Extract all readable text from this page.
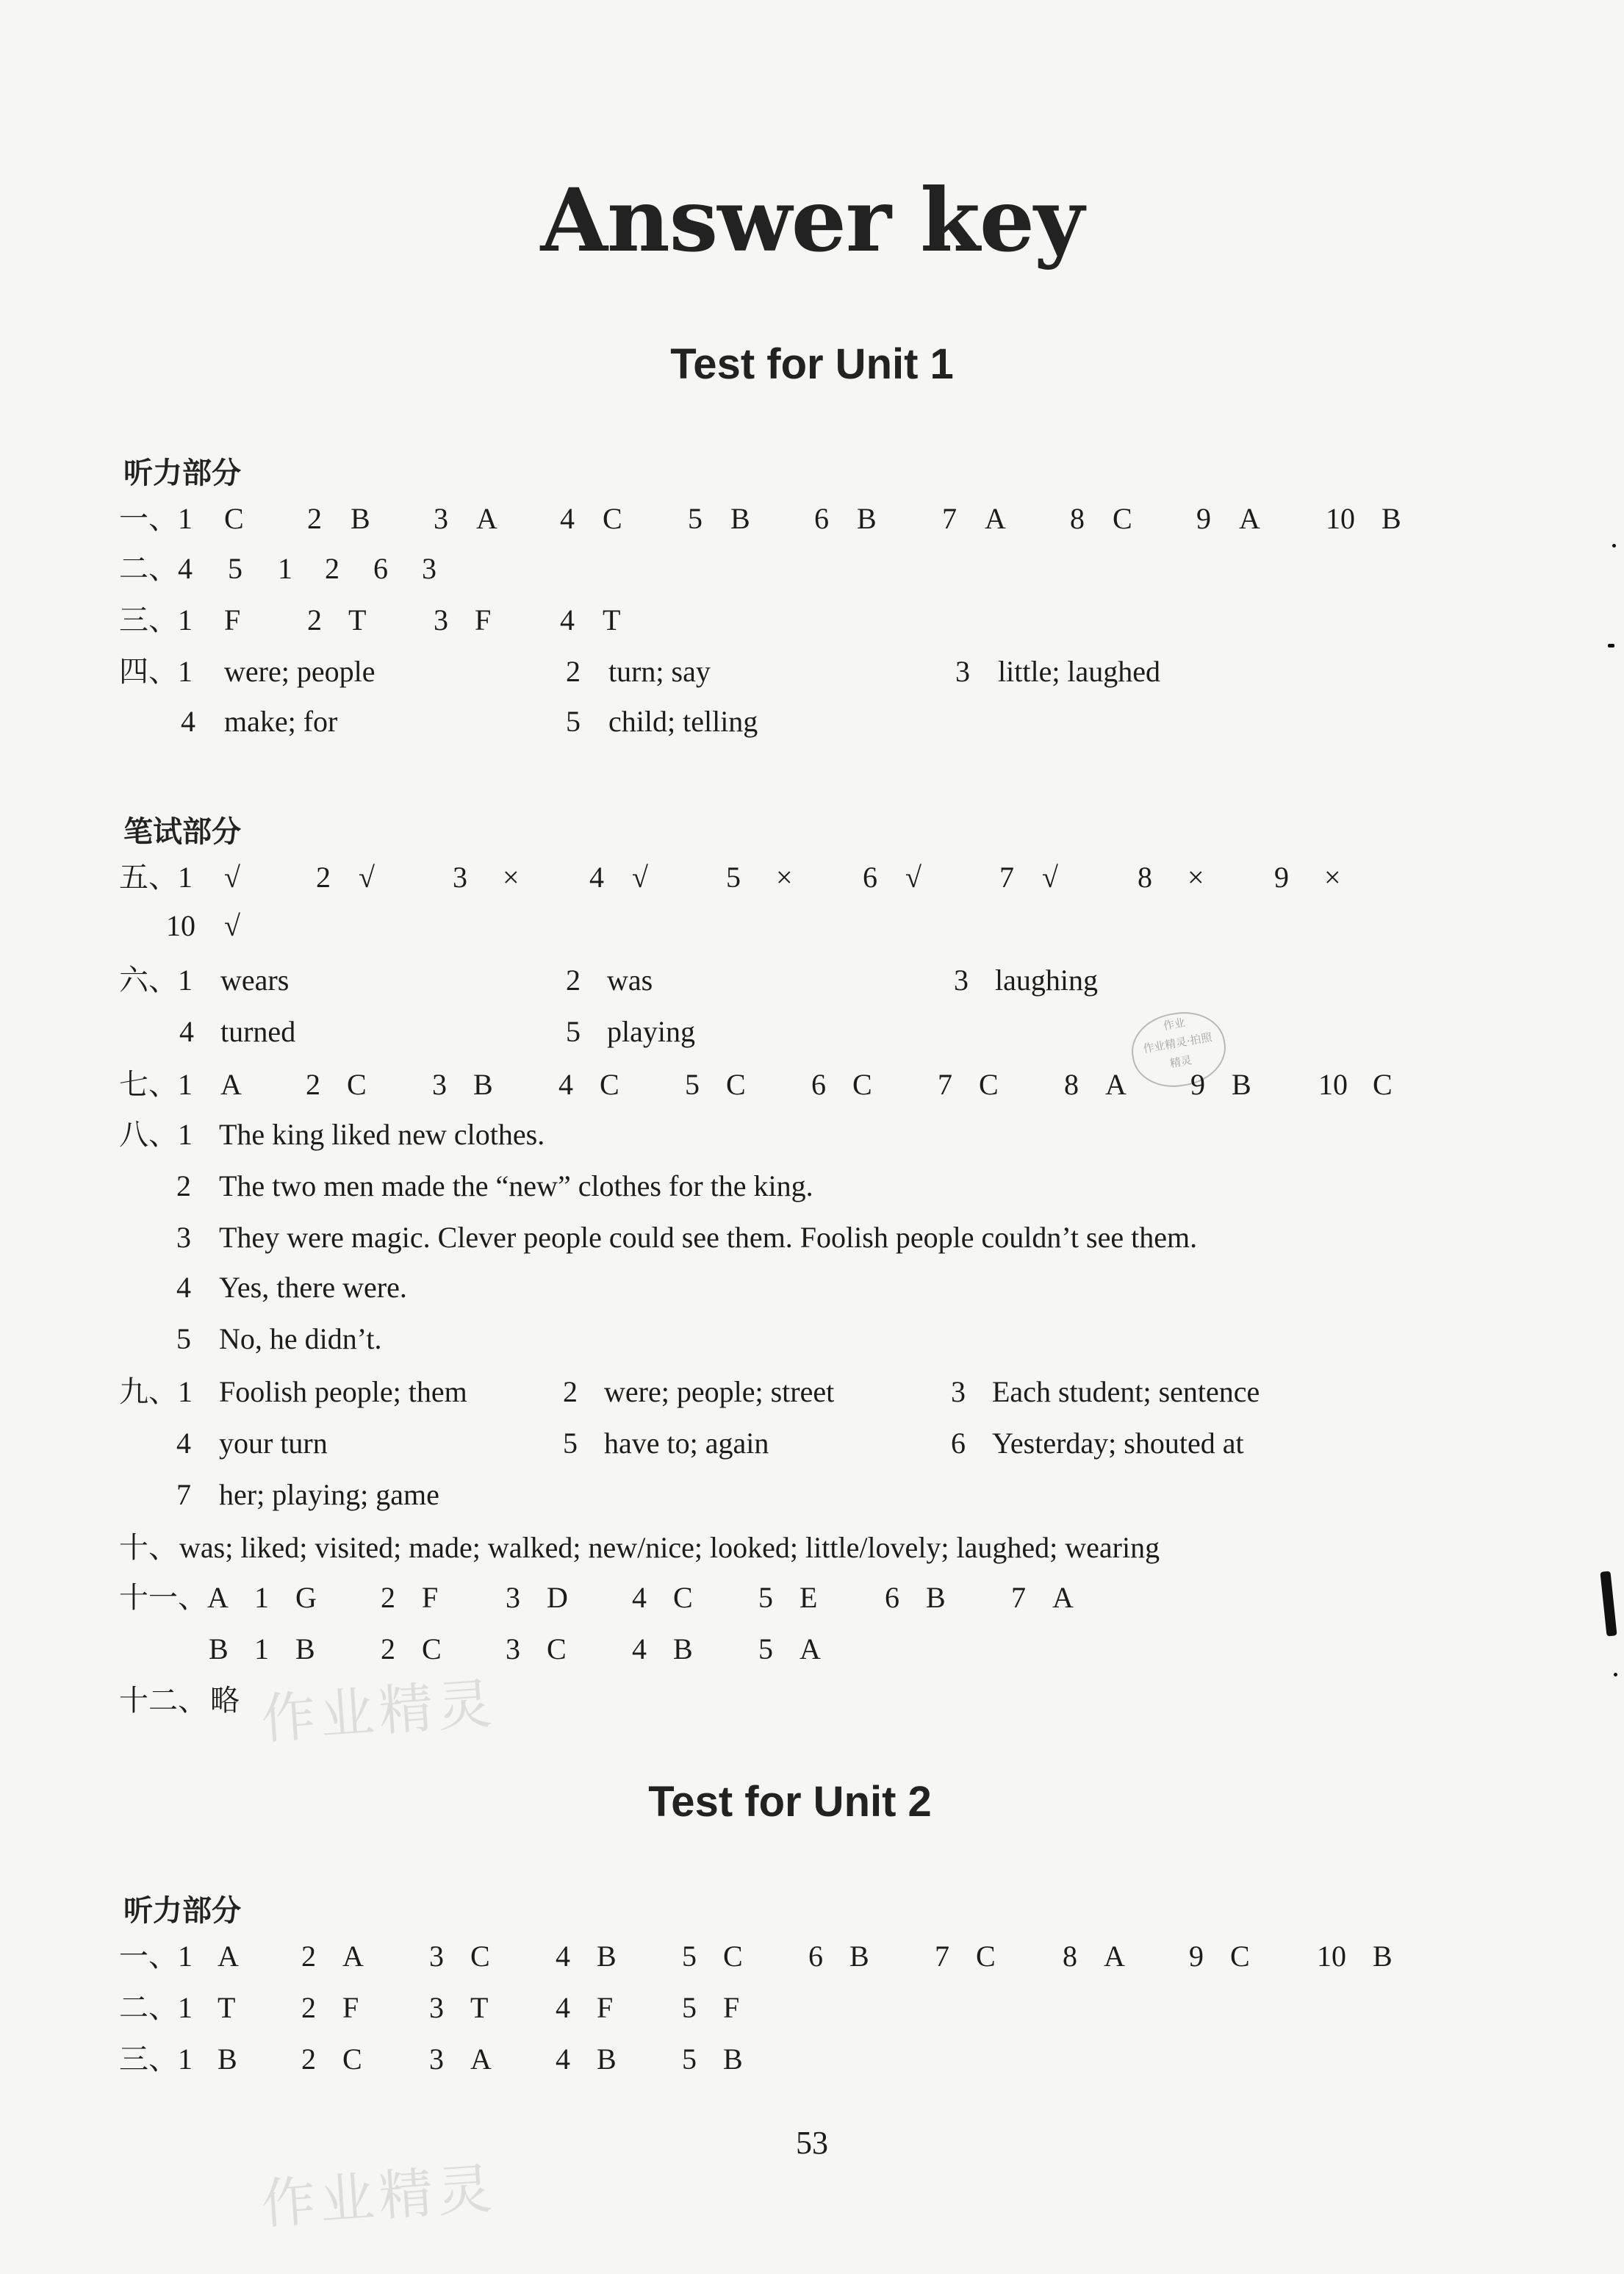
Answer key
Test for Unit 1
听力部分
一、1 C 2 B 3 A 4 C 5 B 6 B 7 A 8 C 9 A 10 B
二、4 5 1 2 6 3
三、1 F 2 T 3 F 4 T
四、1 were; people	2 turn; say	3 little; laughed
4 make; for	5 child; telling
笔试部分
五、1 √	2 √	3 × 4 √	5 × 6 √	7 √	8 × 9 ×
10 √
六、1 wears	2 was	3 laughing
4 turned	5 playing
七、1 A 2 C 3 B 4 C 5 C 6 C 7 C 8 A 9 B 10 C
八、1 The king liked new clothes.
2 The two men made the “new” clothes for the king.
3 They were magic. Clever people could see them. Foolish people couldn’t see them.
4 Yes, there were.
5 No, he didn’t.
九、1 Foolish people; them	2 were; people; street	3 Each student; sentence
4 your turn	5 have to; again	6 Yesterday; shouted at
7 her; playing; game
十、 was; liked; visited; made; walked; new/nice; looked; little/lovely; laughed; wearing
十一、A 1 G 2 F 3 D 4 C 5 E 6 B 7 A
B 1 B 2 C 3 C 4 B 5 A
十二、 略
Test for Unit 2
听力部分
一、1 A 2 A 3 C 4 B 5 C 6 B 7 C 8 A 9 C 10 B
二、1 T 2 F 3 T 4 F 5 F
三、1 B 2 C 3 A 4 B 5 B
53
作业精灵
作业精灵
作业
作业精灵·拍照
精灵
